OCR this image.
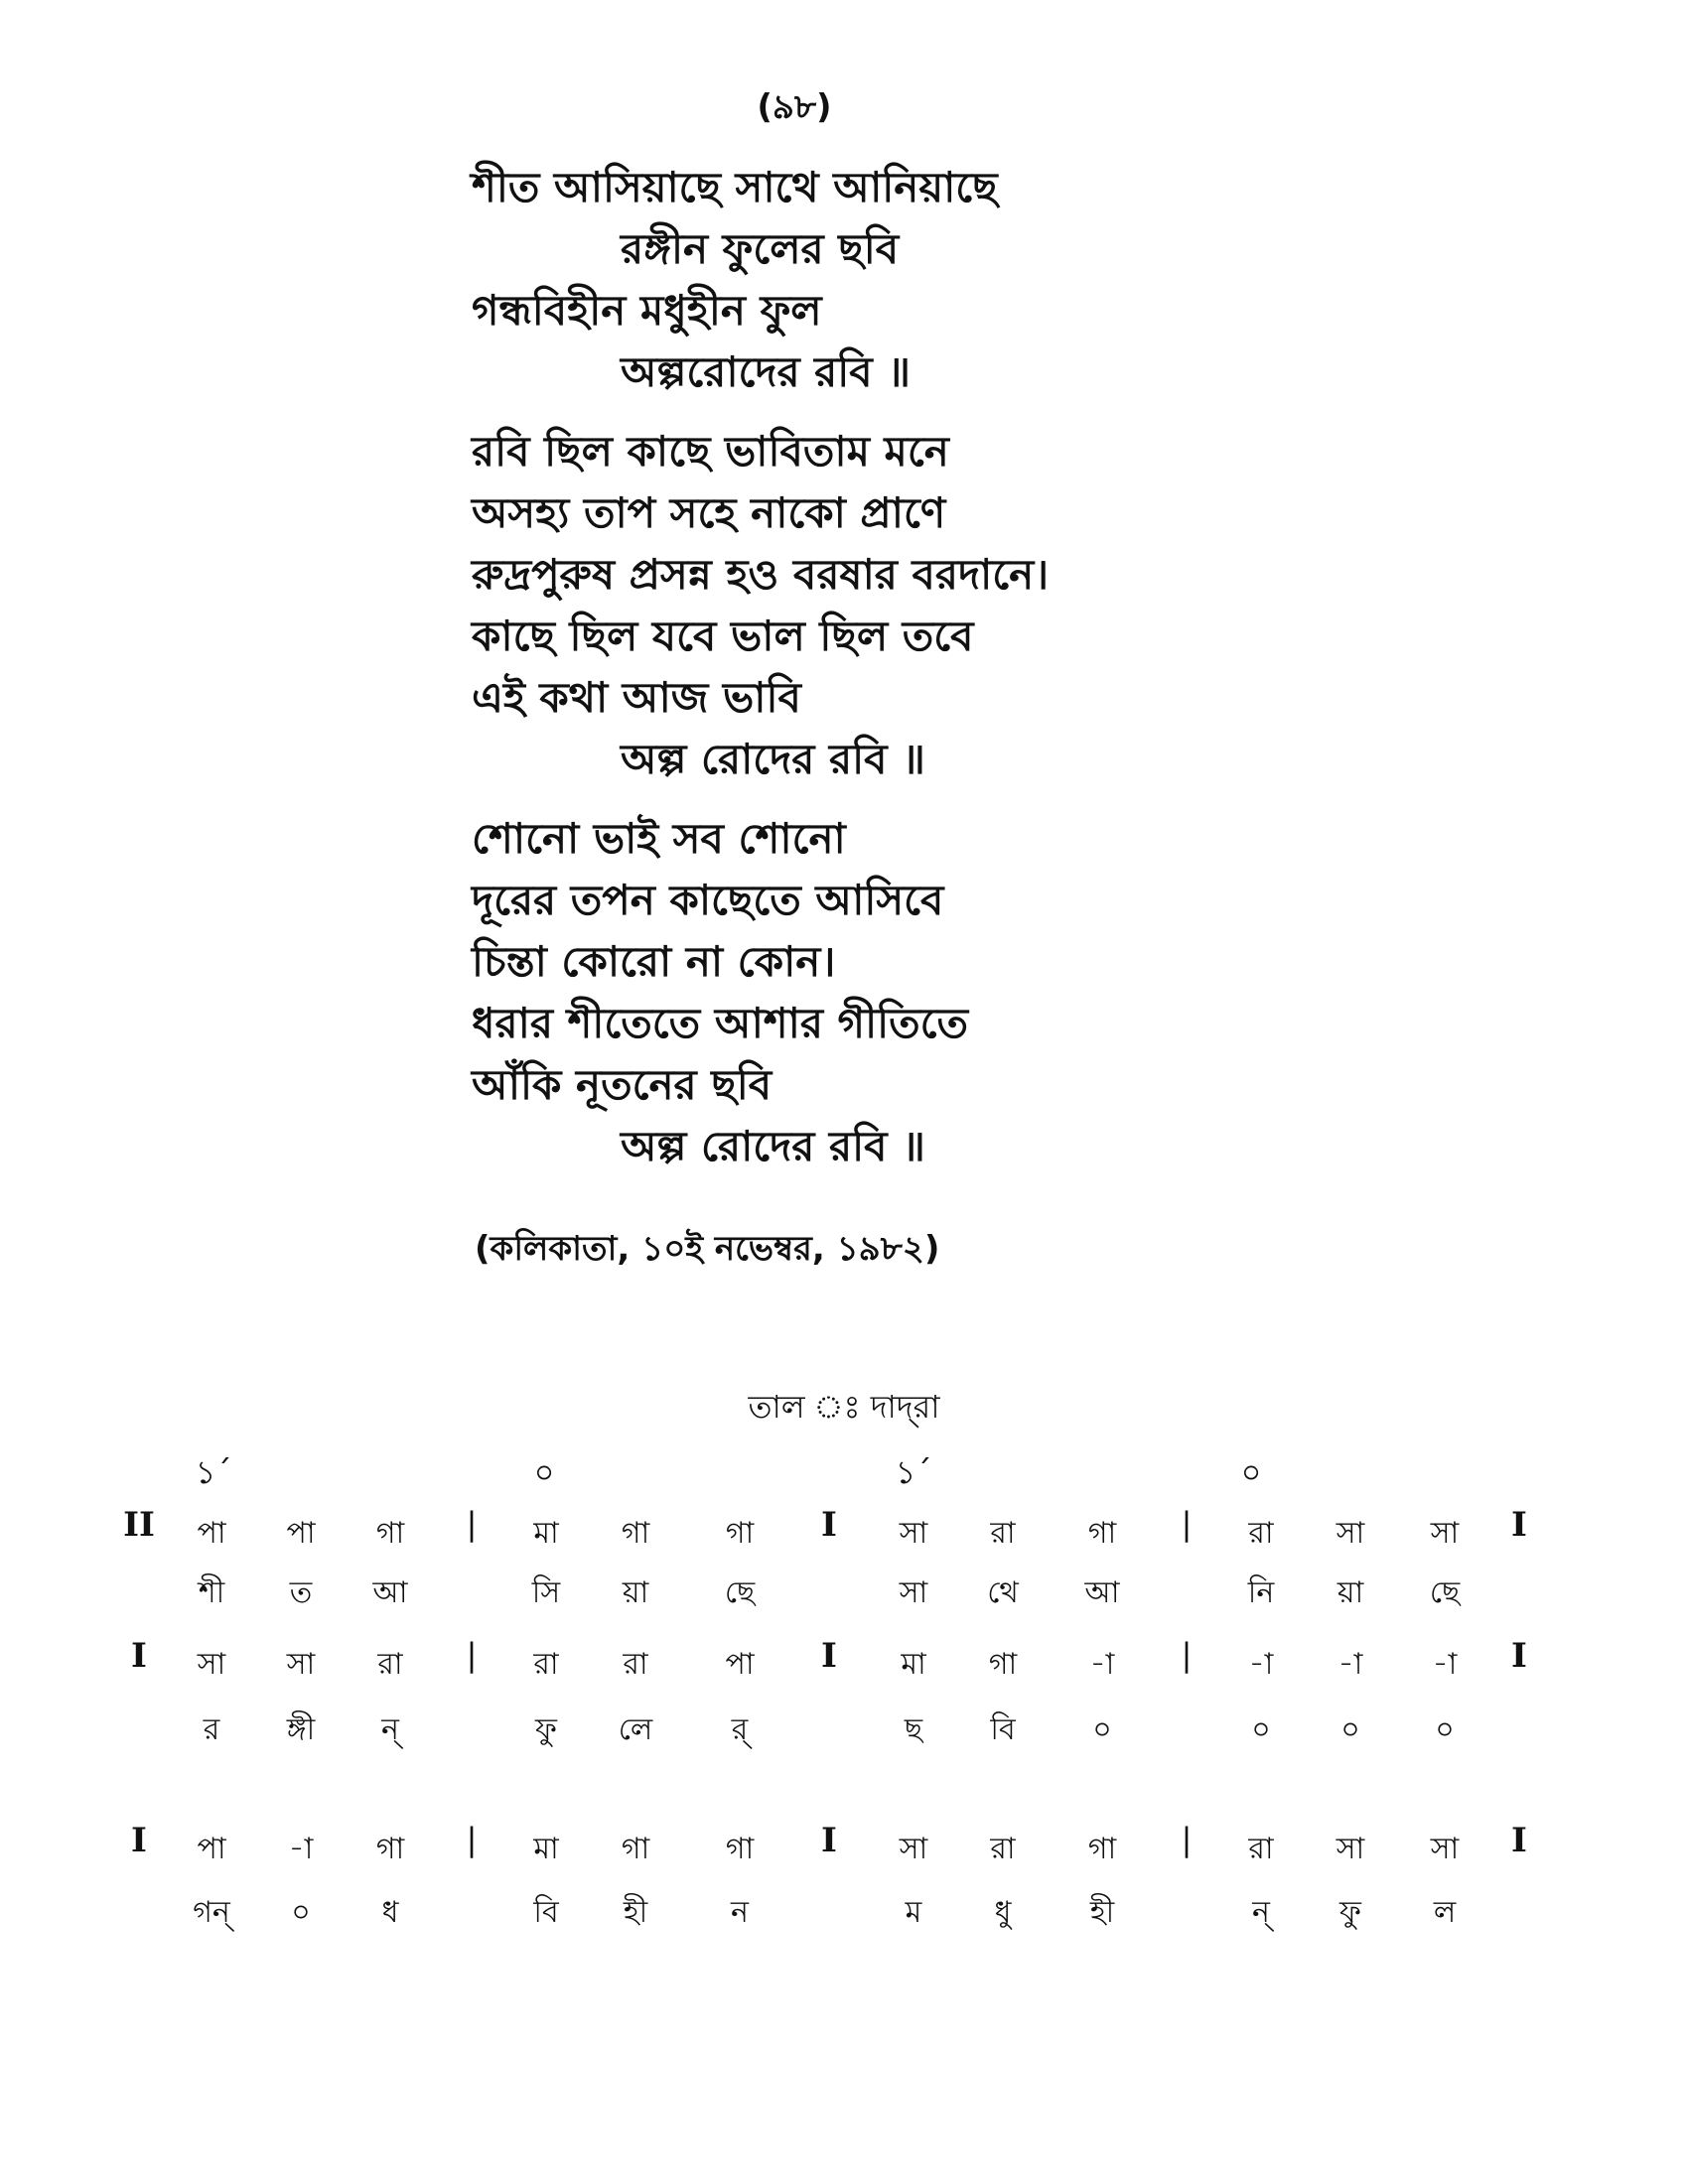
(৯৮)
শীত আসিয়াছে সাথে আনিয়াছে
রঙ্গীন ফুলের ছবি
গন্ধবিহীন মধুহীন ফুল
অল্পরোদের রবি ॥
রবি ছিল কাছে ভাবিতাম মনে
অসহ্য তাপ সহে নাকো প্রাণে
রুদ্রপুরুষ প্রসন্ন হও বরষার বরদানে।
কাছে ছিল যবে ভাল ছিল তবে
এই কথা আজ ভাবি
অল্প রোদের রবি ॥
শোনো ভাই সব শোনো
দূরের তপন কাছেতে আসিবে
চিন্তা কোরো না কোন।
ধরার শীতেতে আশার গীতিতে
আঁকি নূতনের ছবি
অল্প রোদের রবি ॥
(কলিকাতা, ১০ই নভেম্বর, ১৯৮২)
তাল ঃ দাদ্‌রা
১´	০	১´	০
II	পা	পা	গা	|	মা	গা	গা	I	সা	রা	গা	|	রা	সা	সা	I
শী	ত	আ	সি	য়া	ছে	সা	থে	আ	নি	য়া	ছে
I	সা	সা	রা	|	রা	রা	পা	I	মা	গা	-া	|	-া	-া	-া	I
র	ঙ্গী	ন্	ফু	লে	র্	ছ	বি	০	০	০	০
I	পা	-া	গা	|	মা	গা	গা	I	সা	রা	গা	|	রা	সা	সা	I
গন্	০	ধ	বি	হী	ন	ম	ধু	হী	ন্	ফু	ল
